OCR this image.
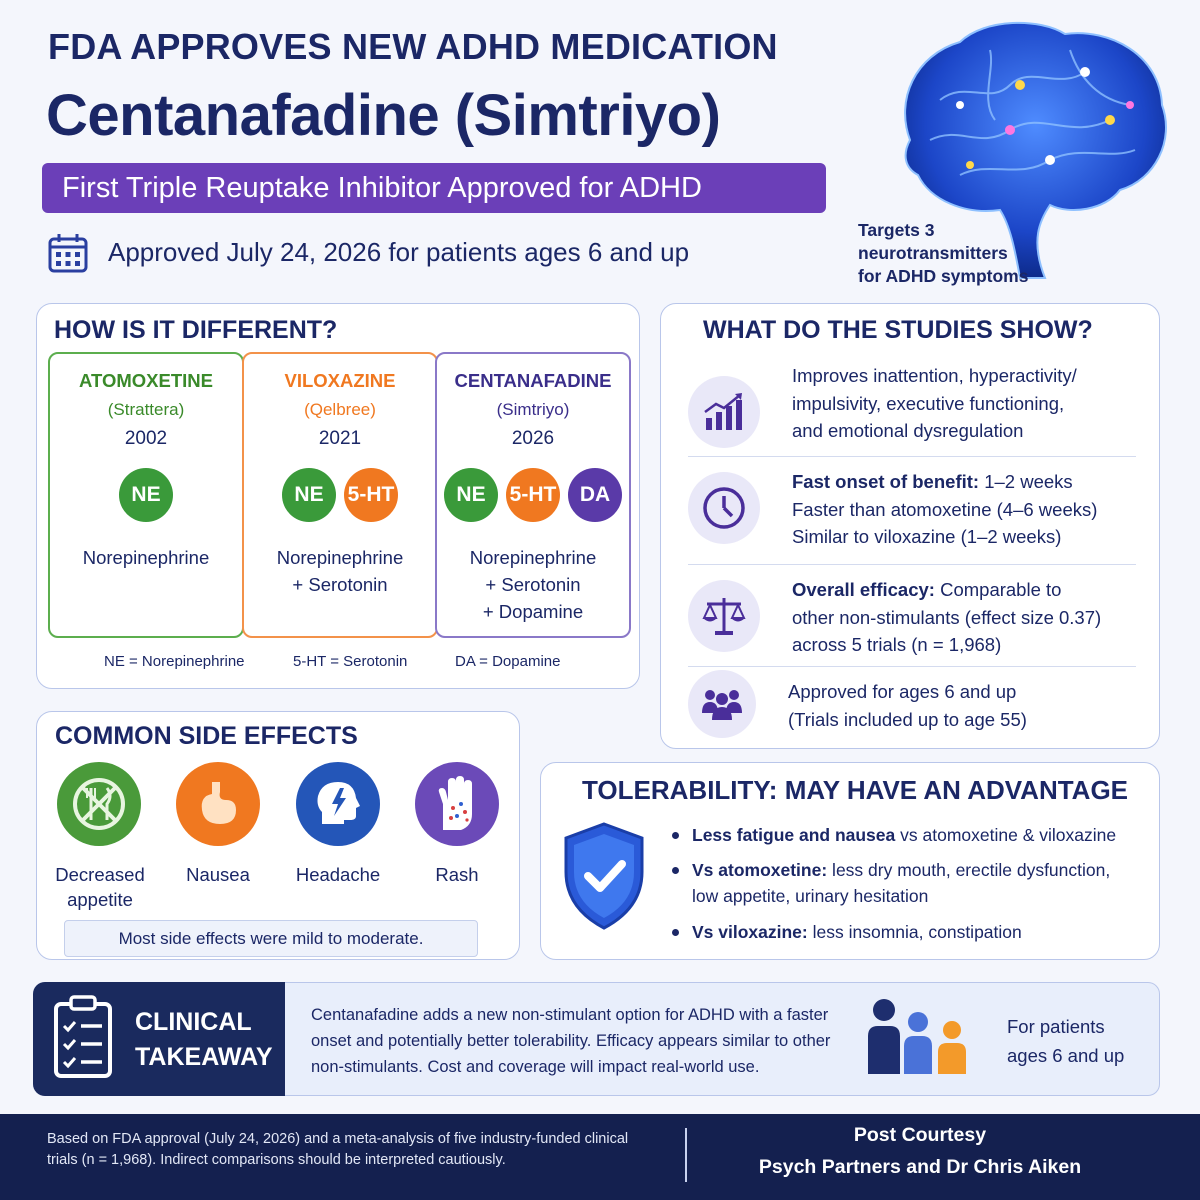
FDA APPROVES NEW ADHD MEDICATION
Centanafadine (Simtriyo)
First Triple Reuptake Inhibitor Approved for ADHD
Approved July 24, 2026 for patients ages 6 and up
Targets 3
neurotransmitters
for ADHD symptoms
HOW IS IT DIFFERENT?
ATOMOXETINE
(Strattera)
2002
NE
Norepinephrine
VILOXAZINE
(Qelbree)
2021
NE	5-HT
Norepinephrine
+ Serotonin
CENTANAFADINE
(Simtriyo)
2026
NE	5-HT	DA
Norepinephrine
+ Serotonin
+ Dopamine
NE = Norepinephrine	5-HT = Serotonin	DA = Dopamine
WHAT DO THE STUDIES SHOW?
Improves inattention, hyperactivity/
impulsivity, executive functioning,
and emotional dysregulation
Fast onset of benefit: 1–2 weeks
Faster than atomoxetine (4–6 weeks)
Similar to viloxazine (1–2 weeks)
Overall efficacy: Comparable to
other non-stimulants (effect size 0.37)
across 5 trials (n = 1,968)
Approved for ages 6 and up
(Trials included up to age 55)
COMMON SIDE EFFECTS
Decreased
appetite
Nausea	Headache	Rash
Most side effects were mild to moderate.
TOLERABILITY: MAY HAVE AN ADVANTAGE
Less fatigue and nausea vs atomoxetine & viloxazine
Vs atomoxetine: less dry mouth, erectile dysfunction,
low appetite, urinary hesitation
Vs viloxazine: less insomnia, constipation
CLINICAL
TAKEAWAY
Centanafadine adds a new non-stimulant option for ADHD with a faster onset and potentially better tolerability. Efficacy appears similar to other non-stimulants. Cost and coverage will impact real-world use.
For patients
ages 6 and up
Based on FDA approval (July 24, 2026) and a meta-analysis of five industry-funded clinical trials (n = 1,968). Indirect comparisons should be interpreted cautiously.
Post Courtesy
Psych Partners and Dr Chris Aiken
